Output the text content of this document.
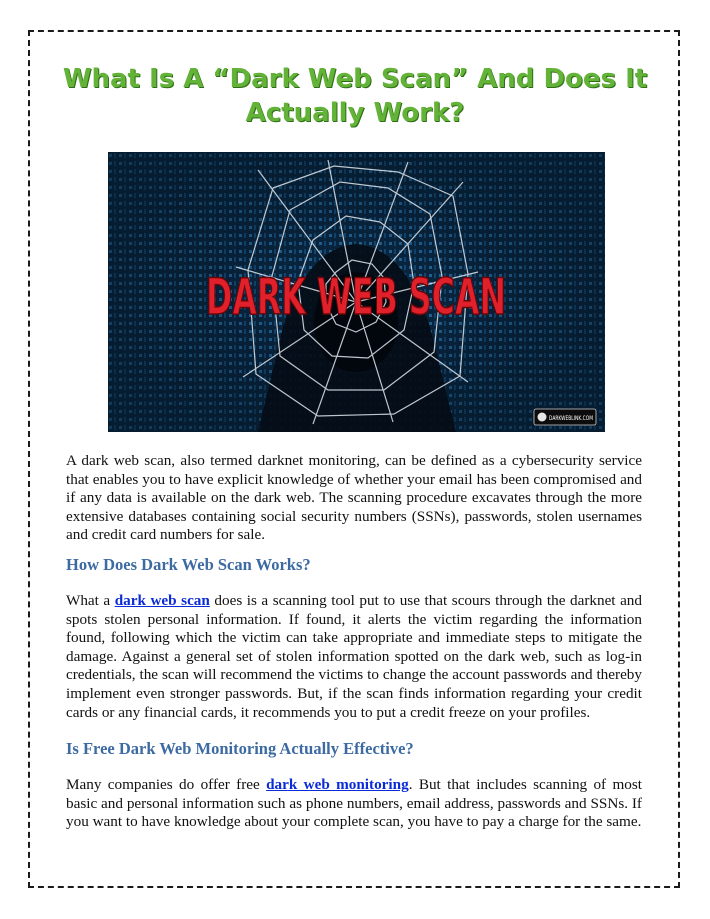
What Is A “Dark Web Scan” And Does It Actually Work?
DARK WEB SCAN
DARKWEBLINK.COM

A dark web scan, also termed darknet monitoring, can be defined as a cybersecurity service that enables you to have explicit knowledge of whether your email has been compromised and if any data is available on the dark web. The scanning procedure excavates through the more extensive databases containing social security numbers (SSNs), passwords, stolen usernames and credit card numbers for sale.

How Does Dark Web Scan Works?

What a dark web scan does is a scanning tool put to use that scours through the darknet and spots stolen personal information. If found, it alerts the victim regarding the information found, following which the victim can take appropriate and immediate steps to mitigate the damage. Against a general set of stolen information spotted on the dark web, such as log-in credentials, the scan will recommend the victims to change the account passwords and thereby implement even stronger passwords. But, if the scan finds information regarding your credit cards or any financial cards, it recommends you to put a credit freeze on your profiles.

Is Free Dark Web Monitoring Actually Effective?

Many companies do offer free dark web monitoring. But that includes scanning of most basic and personal information such as phone numbers, email address, passwords and SSNs. If you want to have knowledge about your complete scan, you have to pay a charge for the same.
